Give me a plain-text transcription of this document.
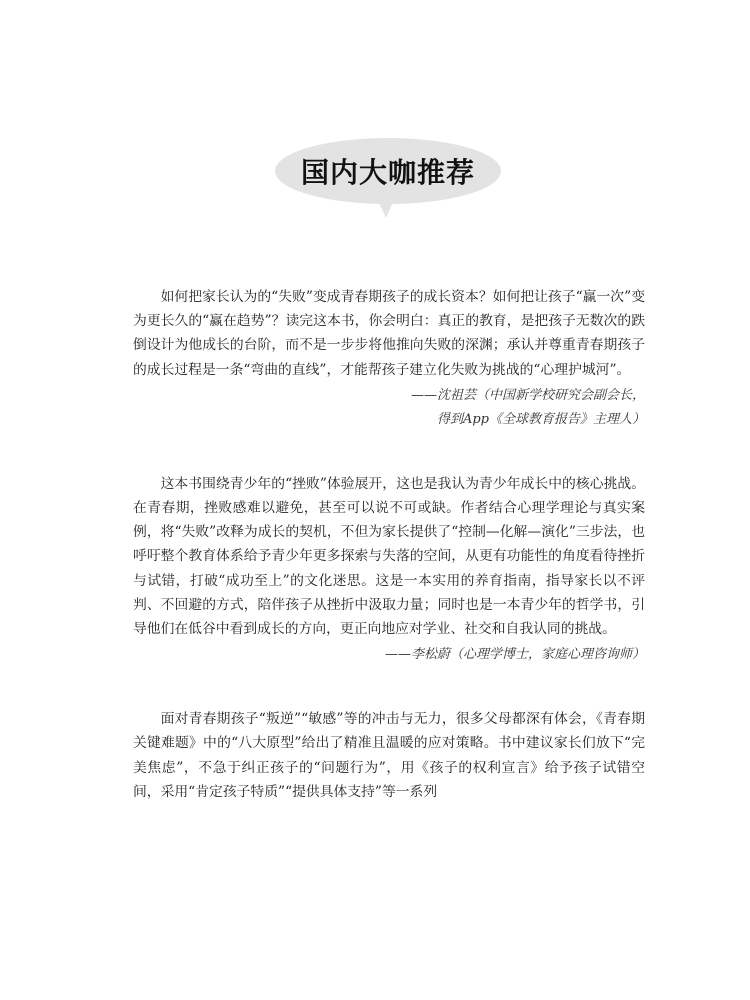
国内大咖推荐

如何把家长认为的“失败”变成青春期孩子的成长资本？如何把让孩子“赢一次”变为更长久的“赢在趋势”？读完这本书，你会明白：真正的教育，是把孩子无数次的跌倒设计为他成长的台阶，而不是一步步将他推向失败的深渊；承认并尊重青春期孩子的成长过程是一条“弯曲的直线”，才能帮孩子建立化失败为挑战的“心理护城河”。

——沈祖芸（中国新学校研究会副会长，
得到App《全球教育报告》主理人）

这本书围绕青少年的“挫败”体验展开，这也是我认为青少年成长中的核心挑战。在青春期，挫败感难以避免，甚至可以说不可或缺。作者结合心理学理论与真实案例，将“失败”改释为成长的契机，不但为家长提供了“控制—化解—演化”三步法，也呼吁整个教育体系给予青少年更多探索与失落的空间，从更有功能性的角度看待挫折与试错，打破“成功至上”的文化迷思。这是一本实用的养育指南，指导家长以不评判、不回避的方式，陪伴孩子从挫折中汲取力量；同时也是一本青少年的哲学书，引导他们在低谷中看到成长的方向，更正向地应对学业、社交和自我认同的挑战。

——李松蔚（心理学博士，家庭心理咨询师）

面对青春期孩子“叛逆”“敏感”等的冲击与无力，很多父母都深有体会，《青春期关键难题》中的“八大原型”给出了精准且温暖的应对策略。书中建议家长们放下“完美焦虑”，不急于纠正孩子的“问题行为”，用《孩子的权利宣言》给予孩子试错空间，采用“肯定孩子特质”“提供具体支持”等一系列
